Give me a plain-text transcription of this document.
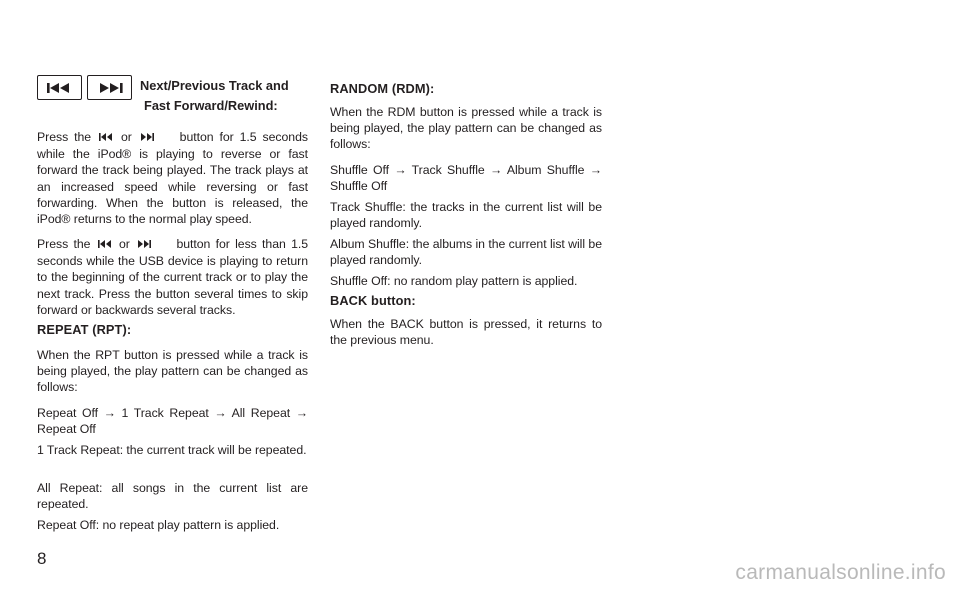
Next/Previous Track and
Fast Forward/Rewind:

Press the or	button for 1.5 seconds while the iPod® is playing to reverse or fast forward the track being played. The track plays at an increased speed while reversing or fast forwarding. When the button is released, the iPod® returns to the normal play speed.

Press the or	button for less than 1.5 seconds while the USB device is playing to return to the beginning of the current track or to play the next track. Press the button several times to skip forward or backwards several tracks.

REPEAT (RPT):

When the RPT button is pressed while a track is being played, the play pattern can be changed as follows:

Repeat Off → 1 Track Repeat → All Repeat → Repeat Off

1 Track Repeat: the current track will be repeated.

All Repeat: all songs in the current list are repeated.

Repeat Off: no repeat play pattern is applied.

RANDOM (RDM):

When the RDM button is pressed while a track is being played, the play pattern can be changed as follows:

Shuffle Off → Track Shuffle → Album Shuffle → Shuffle Off

Track Shuffle: the tracks in the current list will be played randomly.

Album Shuffle: the albums in the current list will be played randomly.

Shuffle Off: no random play pattern is applied.

BACK button:

When the BACK button is pressed, it returns to the previous menu.

8
carmanualsonline.info
